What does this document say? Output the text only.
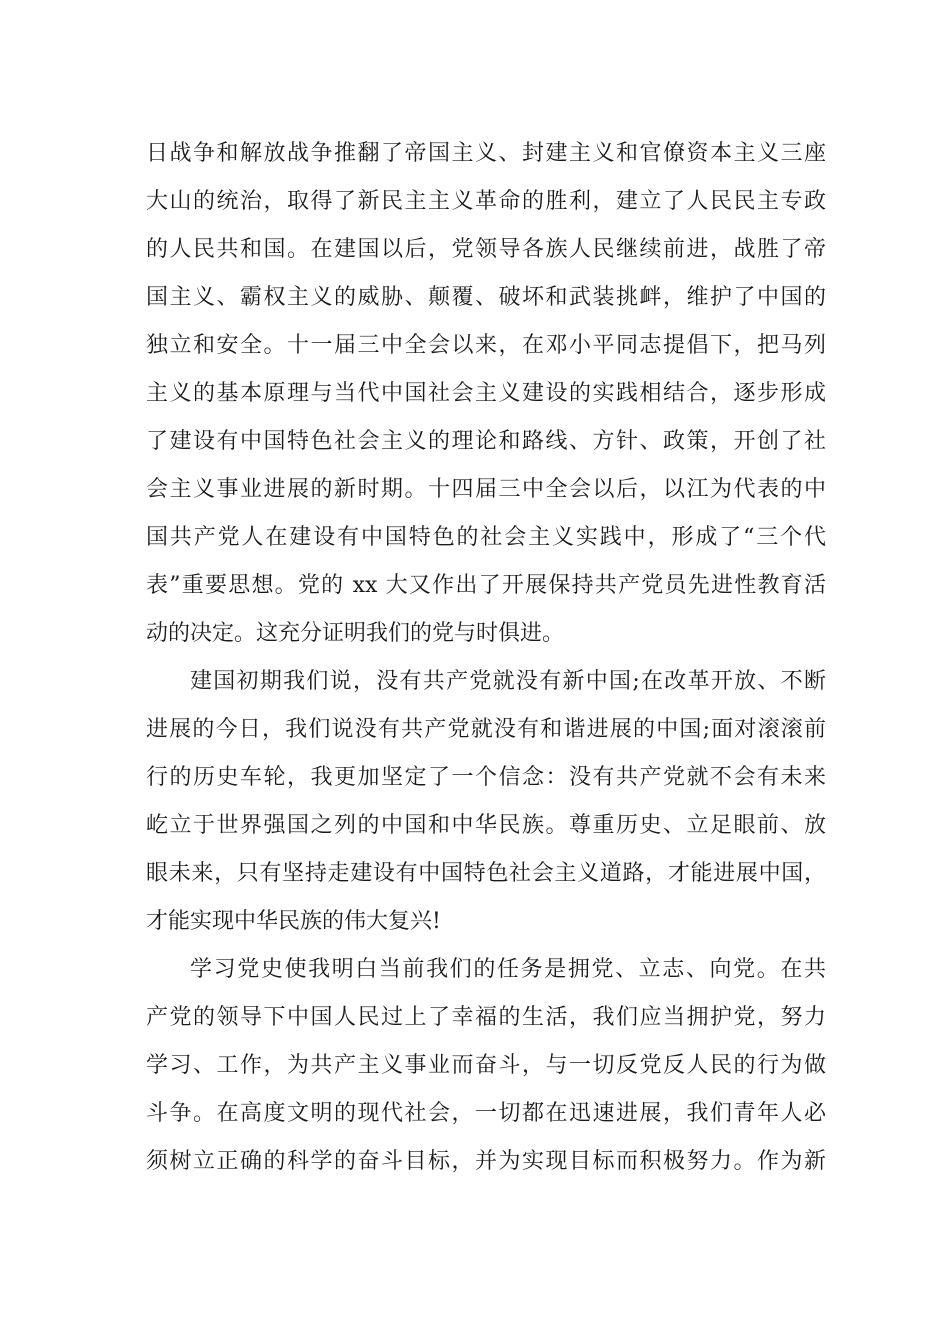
日战争和解放战争推翻了帝国主义、封建主义和官僚资本主义三座
大山的统治，取得了新民主主义革命的胜利，建立了人民民主专政
的人民共和国。在建国以后，党领导各族人民继续前进，战胜了帝
国主义、霸权主义的威胁、颠覆、破坏和武装挑衅，维护了中国的
独立和安全。十一届三中全会以来，在邓小平同志提倡下，把马列
主义的基本原理与当代中国社会主义建设的实践相结合，逐步形成
了建设有中国特色社会主义的理论和路线、方针、政策，开创了社
会主义事业进展的新时期。十四届三中全会以后，以江为代表的中
国共产党人在建设有中国特色的社会主义实践中，形成了“三个代
表”重要思想。党的 xx 大又作出了开展保持共产党员先进性教育活
动的决定。这充分证明我们的党与时俱进。
建国初期我们说，没有共产党就没有新中国;在改革开放、不断
进展的今日，我们说没有共产党就没有和谐进展的中国;面对滚滚前
行的历史车轮，我更加坚定了一个信念：没有共产党就不会有未来
屹立于世界强国之列的中国和中华民族。尊重历史、立足眼前、放
眼未来，只有坚持走建设有中国特色社会主义道路，才能进展中国，
才能实现中华民族的伟大复兴!
学习党史使我明白当前我们的任务是拥党、立志、向党。在共
产党的领导下中国人民过上了幸福的生活，我们应当拥护党，努力
学习、工作，为共产主义事业而奋斗，与一切反党反人民的行为做
斗争。在高度文明的现代社会，一切都在迅速进展，我们青年人必
须树立正确的科学的奋斗目标，并为实现目标而积极努力。作为新
